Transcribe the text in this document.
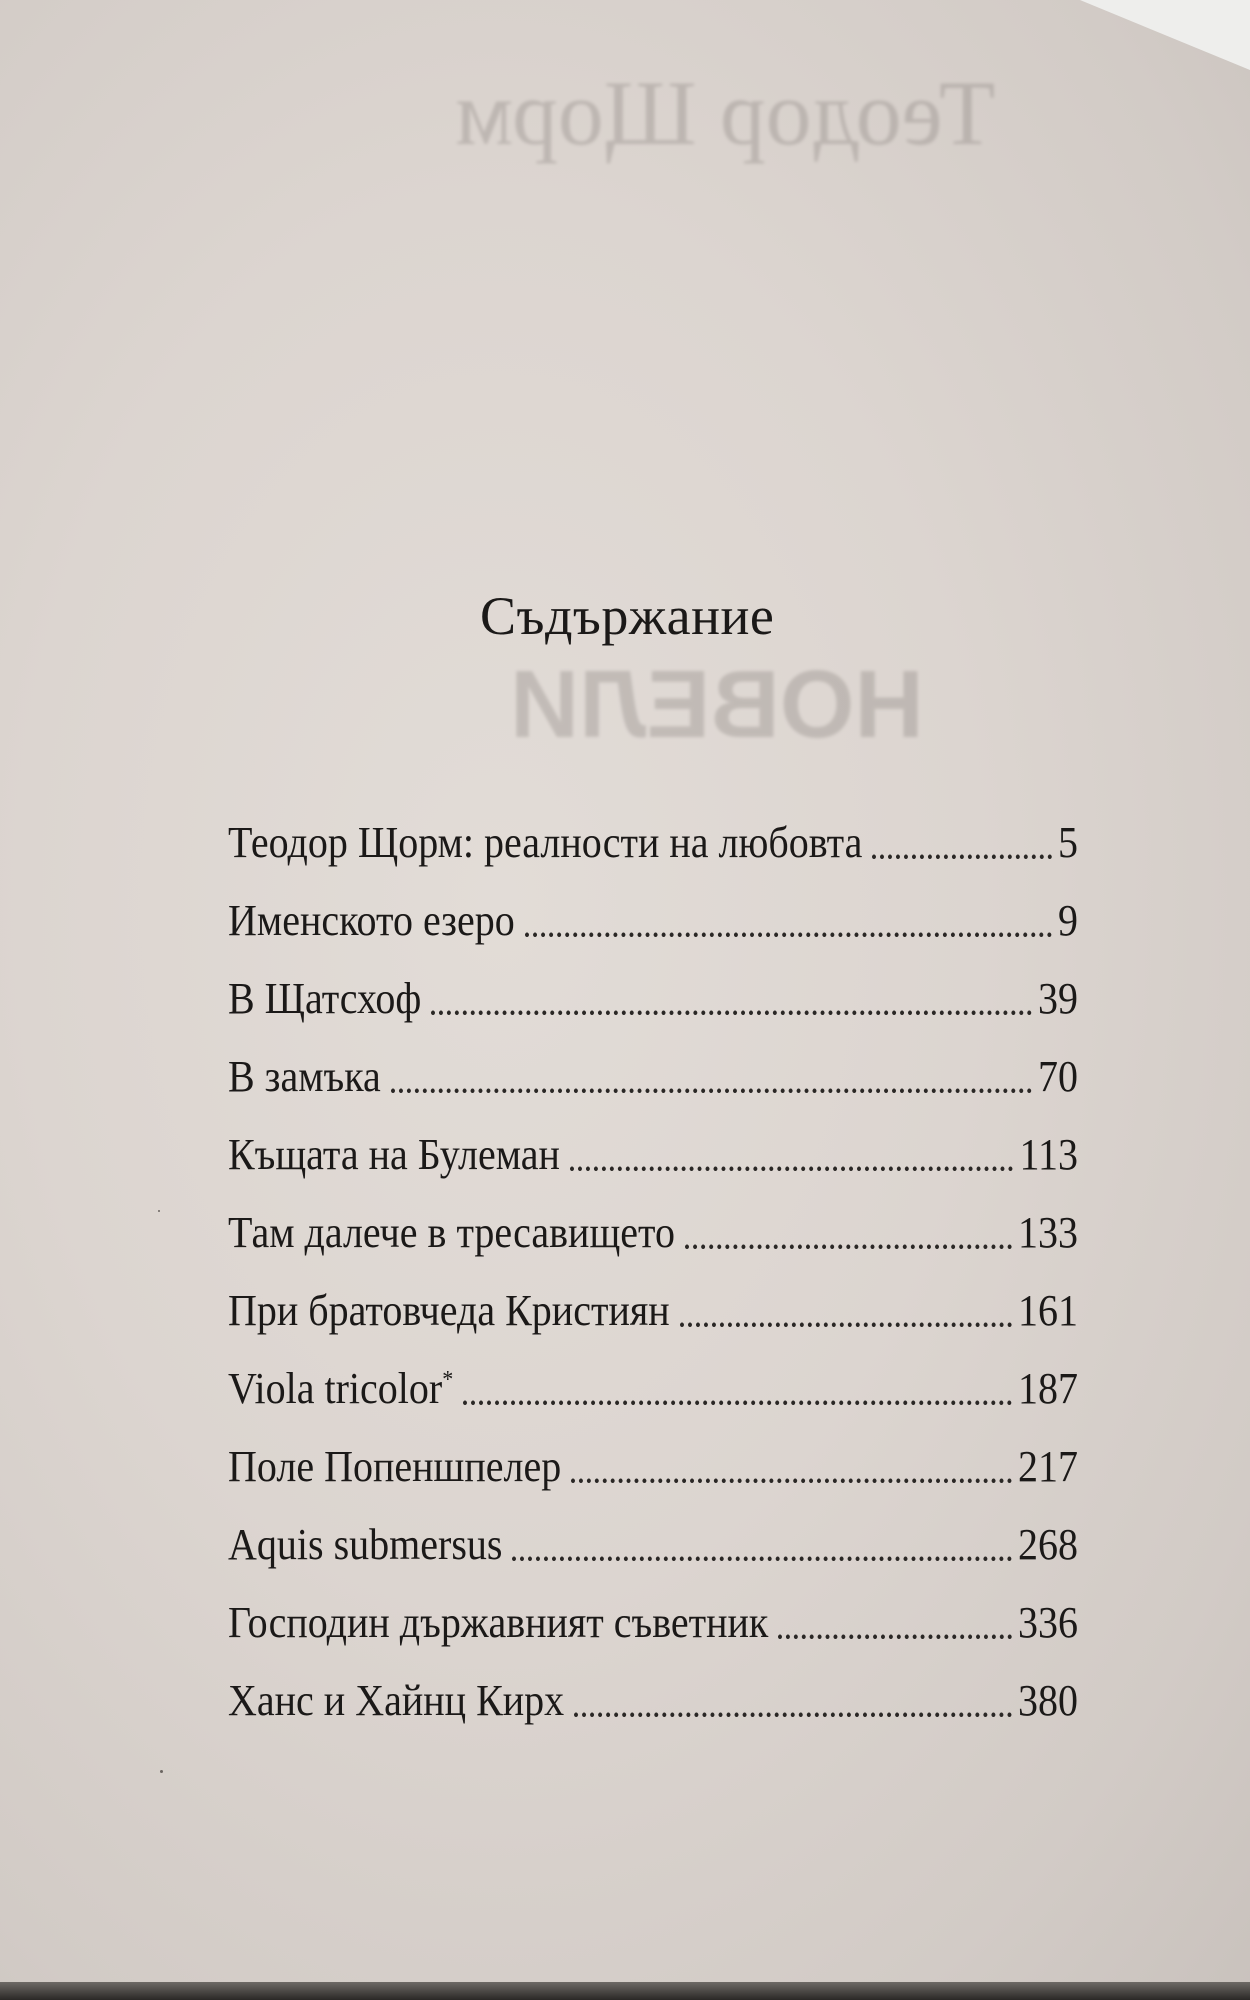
Теодор Щорм
НОВЕЛИ
Съдържание
Теодор Щорм: реалности на любовта	5
Именското езеро	9
В Щатсхоф	39
В замъка	70
Къщата на Булеман	113
Там далече в тресавището	133
При братовчеда Кристиян	161
Viola tricolor*	187
Поле Попеншпелер	217
Aquis submersus	268
Господин държавният съветник	336
Ханс и Хайнц Кирх	380
